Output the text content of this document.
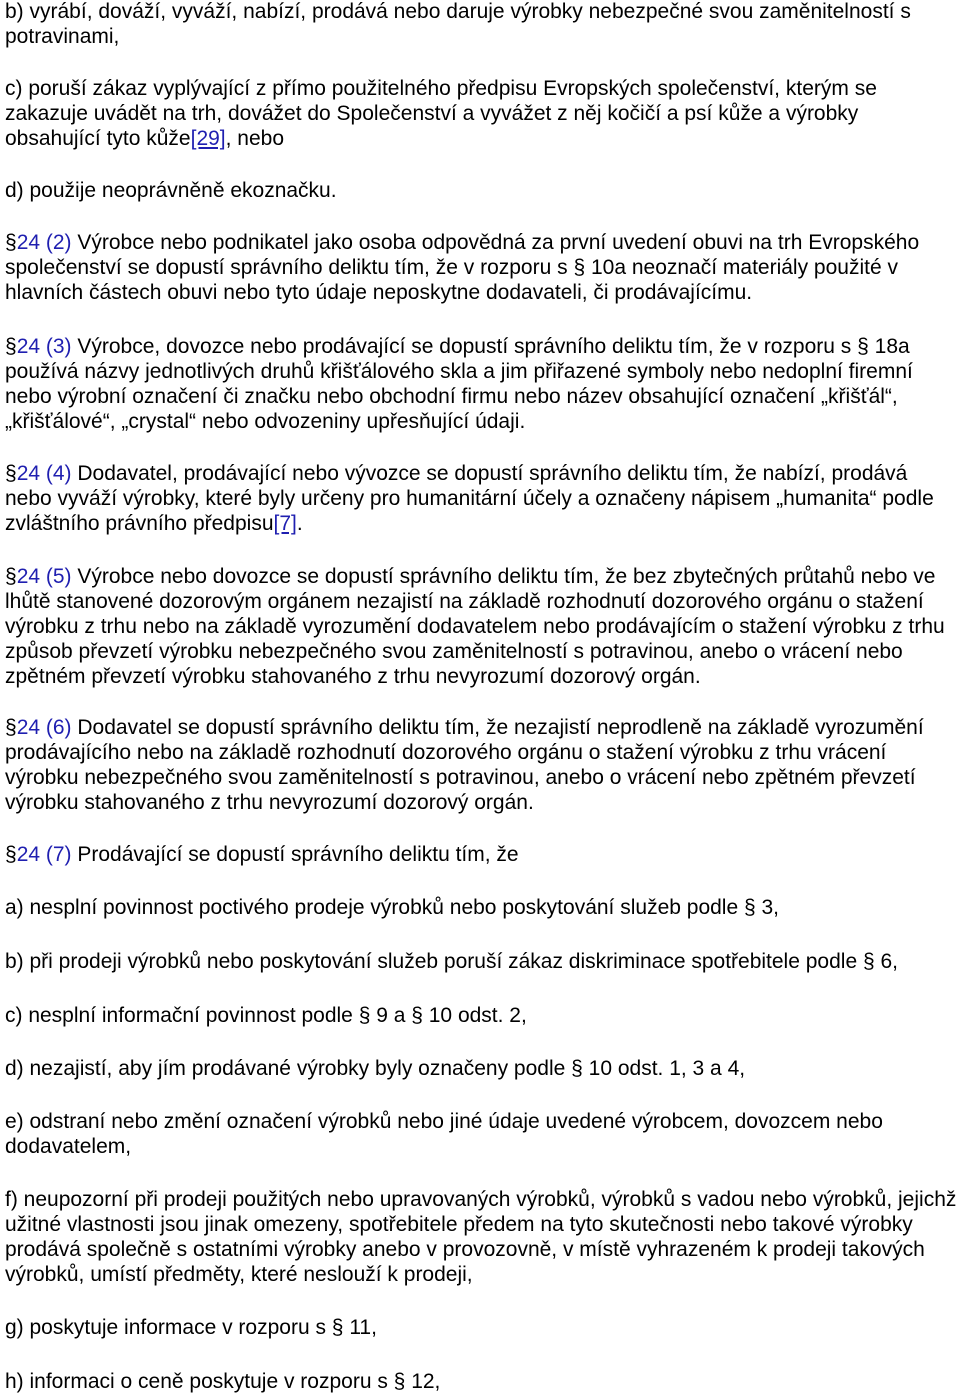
b) vyrábí, dováží, vyváží, nabízí, prodává nebo daruje výrobky nebezpečné svou zaměnitelností s
potravinami,
c) poruší zákaz vyplývající z přímo použitelného předpisu Evropských společenství, kterým se
zakazuje uvádět na trh, dovážet do Společenství a vyvážet z něj kočičí a psí kůže a výrobky
obsahující tyto kůže[29], nebo
d) použije neoprávněně ekoznačku.
§24 (2) Výrobce nebo podnikatel jako osoba odpovědná za první uvedení obuvi na trh Evropského
společenství se dopustí správního deliktu tím, že v rozporu s § 10a neoznačí materiály použité v
hlavních částech obuvi nebo tyto údaje neposkytne dodavateli, či prodávajícímu.
§24 (3) Výrobce, dovozce nebo prodávající se dopustí správního deliktu tím, že v rozporu s § 18a
používá názvy jednotlivých druhů křišťálového skla a jim přiřazené symboly nebo nedoplní firemní
nebo výrobní označení či značku nebo obchodní firmu nebo název obsahující označení „křišťál“,
„křišťálové“, „crystal“ nebo odvozeniny upřesňující údaji.
§24 (4) Dodavatel, prodávající nebo vývozce se dopustí správního deliktu tím, že nabízí, prodává
nebo vyváží výrobky, které byly určeny pro humanitární účely a označeny nápisem „humanita“ podle
zvláštního právního předpisu[7].
§24 (5) Výrobce nebo dovozce se dopustí správního deliktu tím, že bez zbytečných průtahů nebo ve
lhůtě stanovené dozorovým orgánem nezajistí na základě rozhodnutí dozorového orgánu o stažení
výrobku z trhu nebo na základě vyrozumění dodavatelem nebo prodávajícím o stažení výrobku z trhu
způsob převzetí výrobku nebezpečného svou zaměnitelností s potravinou, anebo o vrácení nebo
zpětném převzetí výrobku stahovaného z trhu nevyrozumí dozorový orgán.
§24 (6) Dodavatel se dopustí správního deliktu tím, že nezajistí neprodleně na základě vyrozumění
prodávajícího nebo na základě rozhodnutí dozorového orgánu o stažení výrobku z trhu vrácení
výrobku nebezpečného svou zaměnitelností s potravinou, anebo o vrácení nebo zpětném převzetí
výrobku stahovaného z trhu nevyrozumí dozorový orgán.
§24 (7) Prodávající se dopustí správního deliktu tím, že
a) nesplní povinnost poctivého prodeje výrobků nebo poskytování služeb podle § 3,
b) při prodeji výrobků nebo poskytování služeb poruší zákaz diskriminace spotřebitele podle § 6,
c) nesplní informační povinnost podle § 9 a § 10 odst. 2,
d) nezajistí, aby jím prodávané výrobky byly označeny podle § 10 odst. 1, 3 a 4,
e) odstraní nebo změní označení výrobků nebo jiné údaje uvedené výrobcem, dovozcem nebo
dodavatelem,
f) neupozorní při prodeji použitých nebo upravovaných výrobků, výrobků s vadou nebo výrobků, jejichž
užitné vlastnosti jsou jinak omezeny, spotřebitele předem na tyto skutečnosti nebo takové výrobky
prodává společně s ostatními výrobky anebo v provozovně, v místě vyhrazeném k prodeji takových
výrobků, umístí předměty, které neslouží k prodeji,
g) poskytuje informace v rozporu s § 11,
h) informaci o ceně poskytuje v rozporu s § 12,
